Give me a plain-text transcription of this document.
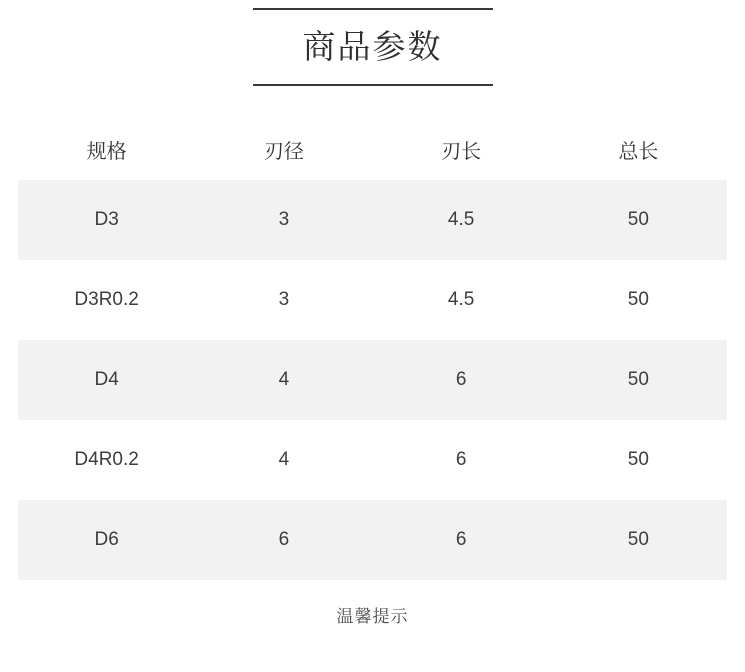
商品参数
规格	刃径	刃长	总长
D3	3	4.5	50
D3R0.2	3	4.5	50
D4	4	6	50
D4R0.2	4	6	50
D6	6	6	50
温馨提示
